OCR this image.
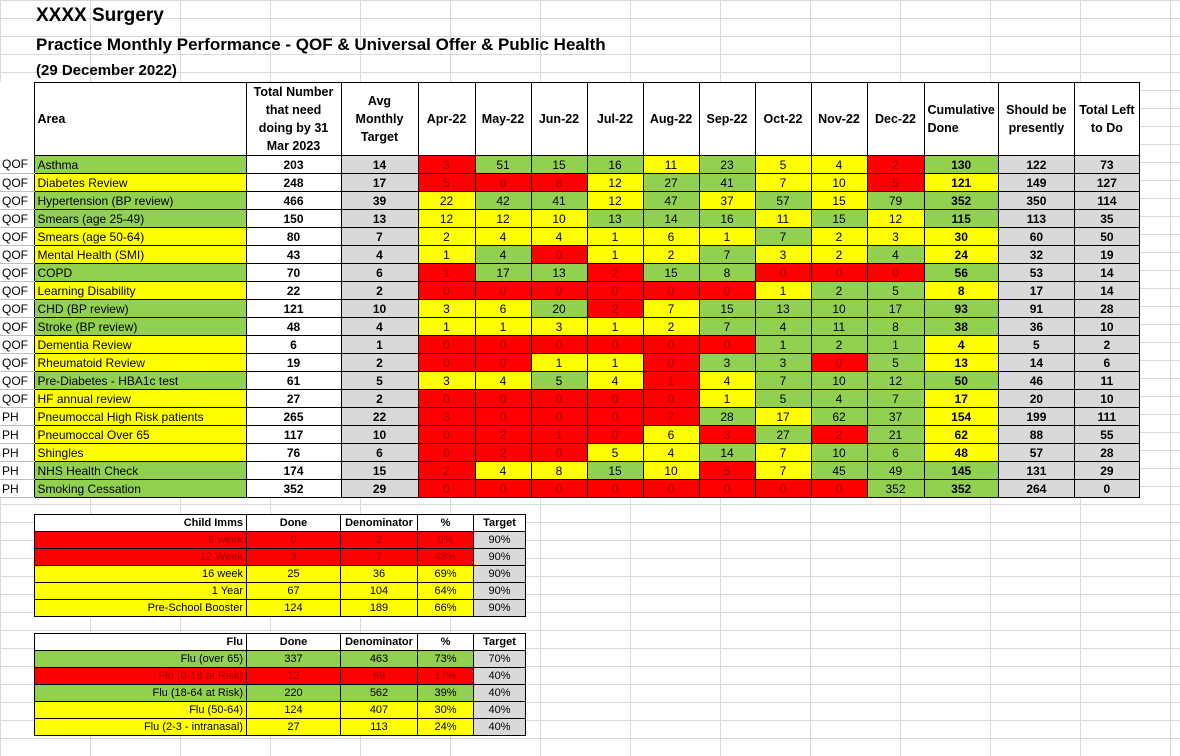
XXXX Surgery
Practice Monthly Performance - QOF & Universal Offer & Public Health
(29 December 2022)
	Area	Total Number that need doing by 31 Mar 2023	Avg Monthly Target	Apr-22	May-22	Jun-22	Jul-22	Aug-22	Sep-22	Oct-22	Nov-22	Dec-22	Cumulative Done	Should be presently	Total Left to Do
QOF	Asthma	203	14	3	51	15	16	11	23	5	4	2	130	122	73
QOF	Diabetes Review	248	17	5	6	8	12	27	41	7	10	5	121	149	127
QOF	Hypertension (BP review)	466	39	22	42	41	12	47	37	57	15	79	352	350	114
QOF	Smears (age 25-49)	150	13	12	12	10	13	14	16	11	15	12	115	113	35
QOF	Smears (age 50-64)	80	7	2	4	4	1	6	1	7	2	3	30	60	50
QOF	Mental Health (SMI)	43	4	1	4	0	1	2	7	3	2	4	24	32	19
QOF	COPD	70	6	1	17	13	2	15	8	0	0	0	56	53	14
QOF	Learning Disability	22	2	0	0	0	0	0	0	1	2	5	8	17	14
QOF	CHD (BP review)	121	10	3	6	20	2	7	15	13	10	17	93	91	28
QOF	Stroke (BP review)	48	4	1	1	3	1	2	7	4	11	8	38	36	10
QOF	Dementia Review	6	1	0	0	0	0	0	0	1	2	1	4	5	2
QOF	Rheumatoid Review	19	2	0	0	1	1	0	3	3	0	5	13	14	6
QOF	Pre-Diabetes - HBA1c test	61	5	3	4	5	4	1	4	7	10	12	50	46	11
QOF	HF annual review	27	2	0	0	0	0	0	1	5	4	7	17	20	10
PH	Pneumoccal High Risk patients	265	22	3	0	0	0	7	28	17	62	37	154	199	111
PH	Pneumoccal Over 65	117	10	0	2	1	0	6	3	27	2	21	62	88	55
PH	Shingles	76	6	0	2	0	5	4	14	7	10	6	48	57	28
PH	NHS Health Check	174	15	2	4	8	15	10	5	7	45	49	145	131	29
PH	Smoking Cessation	352	29	0	0	0	0	0	0	0	0	352	352	264	0
Child Imms	Done	Denominator	%	Target
8 week	0	2	0%	90%
12 Week	3	7	43%	90%
16 week	25	36	69%	90%
1 Year	67	104	64%	90%
Pre-School Booster	124	189	66%	90%
Flu	Done	Denominator	%	Target
Flu (over 65)	337	463	73%	70%
Flu (0-18 at Risk)	12	69	17%	40%
Flu (18-64 at Risk)	220	562	39%	40%
Flu (50-64)	124	407	30%	40%
Flu (2-3 - intranasal)	27	113	24%	40%
